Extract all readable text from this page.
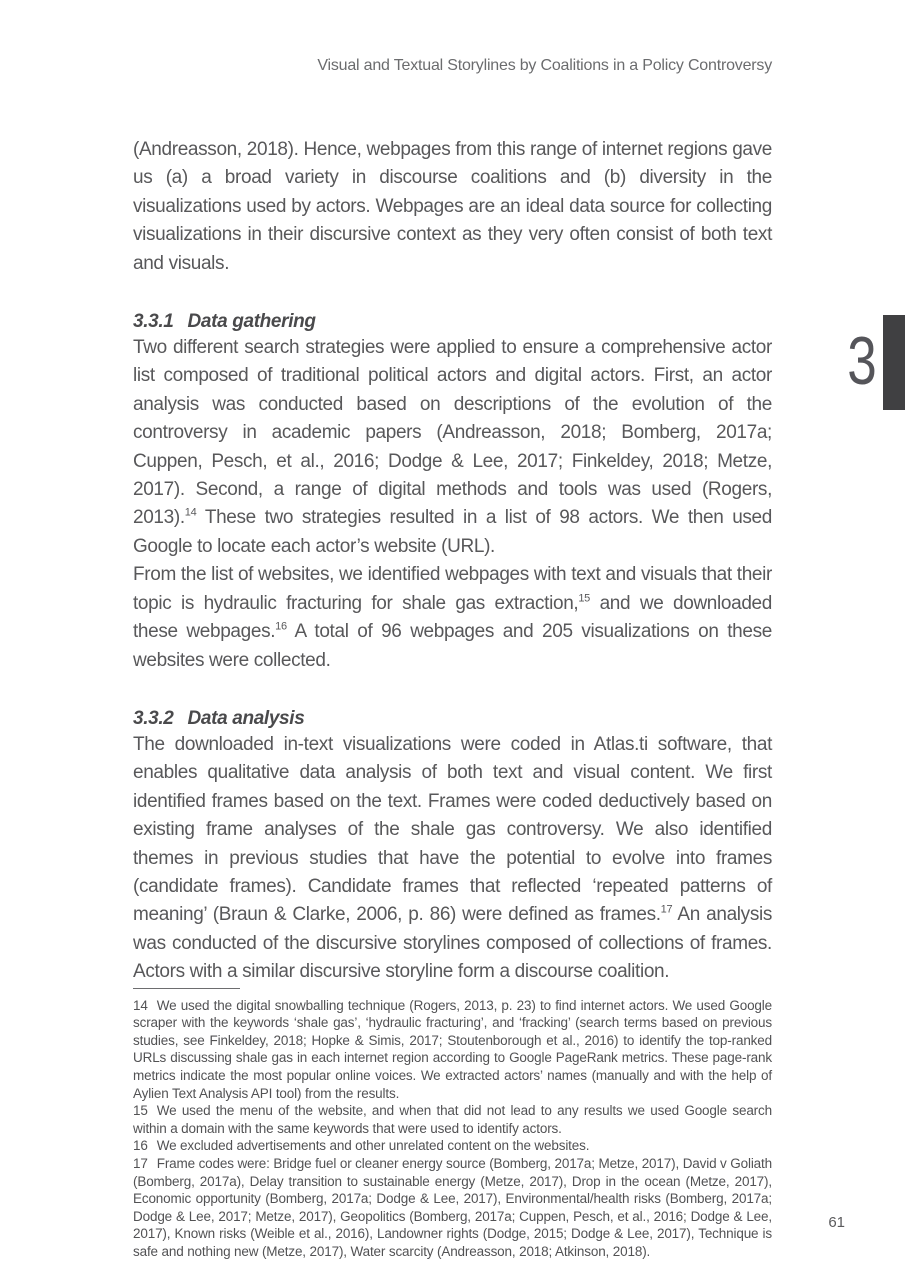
Visual and Textual Storylines by Coalitions in a Policy Controversy
3

(Andreasson, 2018). Hence, webpages from this range of internet regions gave us (a) a broad variety in discourse coalitions and (b) diversity in the visualizations used by actors. Webpages are an ideal data source for collecting visualizations in their discursive context as they very often consist of both text and visuals.

3.3.1 Data gathering

Two different search strategies were applied to ensure a comprehensive actor list composed of traditional political actors and digital actors. First, an actor analysis was conducted based on descriptions of the evolution of the controversy in academic papers (Andreasson, 2018; Bomberg, 2017a; Cuppen, Pesch, et al., 2016; Dodge & Lee, 2017; Finkeldey, 2018; Metze, 2017). Second, a range of digital methods and tools was used (Rogers, 2013).$^{14}$ These two strategies resulted in a list of 98 actors. We then used Google to locate each actor’s website (URL).

From the list of websites, we identified webpages with text and visuals that their topic is hydraulic fracturing for shale gas extraction,$^{15}$ and we downloaded these webpages.$^{16}$ A total of 96 webpages and 205 visualizations on these websites were collected.

3.3.2 Data analysis

The downloaded in-text visualizations were coded in Atlas.ti software, that enables qualitative data analysis of both text and visual content. We first identified frames based on the text. Frames were coded deductively based on existing frame analyses of the shale gas controversy. We also identified themes in previous studies that have the potential to evolve into frames (candidate frames). Candidate frames that reflected ‘repeated patterns of meaning’ (Braun & Clarke, 2006, p. 86) were defined as frames.$^{17}$ An analysis was conducted of the discursive storylines composed of collections of frames. Actors with a similar discursive storyline form a discourse coalition.

14 We used the digital snowballing technique (Rogers, 2013, p. 23) to find internet actors. We used Google scraper with the keywords ‘shale gas’, ‘hydraulic fracturing’, and ‘fracking’ (search terms based on previous studies, see Finkeldey, 2018; Hopke & Simis, 2017; Stoutenborough et al., 2016) to identify the top-ranked URLs discussing shale gas in each internet region according to Google PageRank metrics. These page-rank metrics indicate the most popular online voices. We extracted actors’ names (manually and with the help of Aylien Text Analysis API tool) from the results.

15 We used the menu of the website, and when that did not lead to any results we used Google search within a domain with the same keywords that were used to identify actors.

16 We excluded advertisements and other unrelated content on the websites.

17 Frame codes were: Bridge fuel or cleaner energy source (Bomberg, 2017a; Metze, 2017), David v Goliath (Bomberg, 2017a), Delay transition to sustainable energy (Metze, 2017), Drop in the ocean (Metze, 2017), Economic opportunity (Bomberg, 2017a; Dodge & Lee, 2017), Environmental/health risks (Bomberg, 2017a; Dodge & Lee, 2017; Metze, 2017), Geopolitics (Bomberg, 2017a; Cuppen, Pesch, et al., 2016; Dodge & Lee, 2017), Known risks (Weible et al., 2016), Landowner rights (Dodge, 2015; Dodge & Lee, 2017), Technique is safe and nothing new (Metze, 2017), Water scarcity (Andreasson, 2018; Atkinson, 2018).

61
